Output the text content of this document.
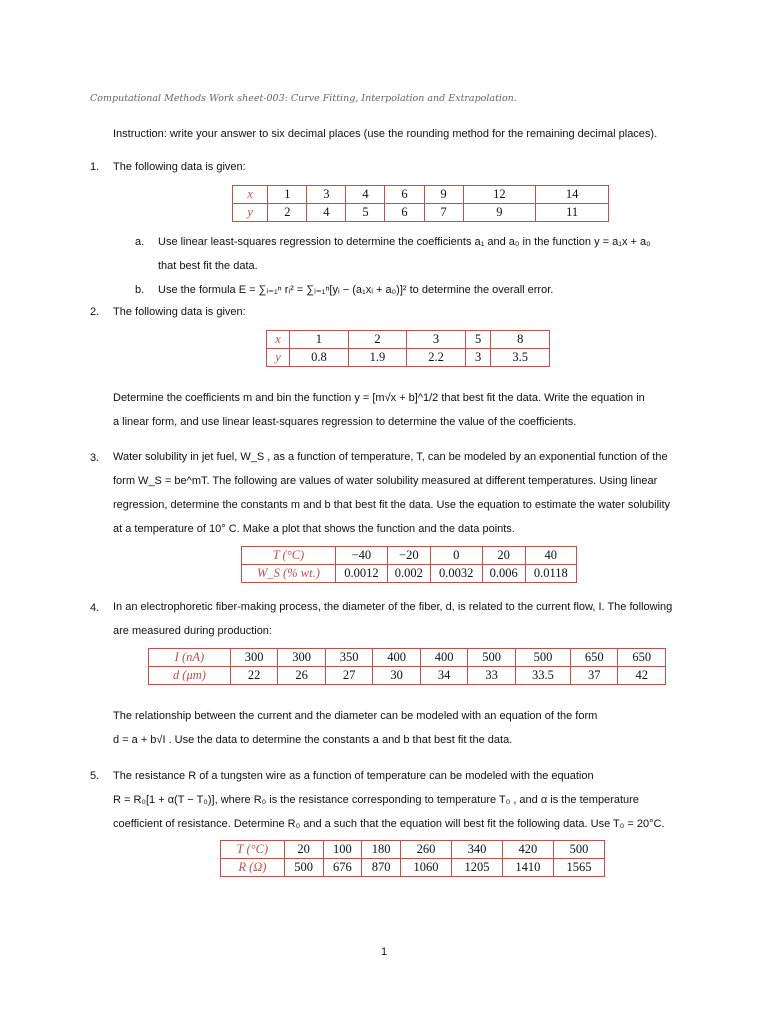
Computational Methods Work sheet-003: Curve Fitting, Interpolation and Extrapolation.
Instruction: write your answer to six decimal places (use the rounding method for the remaining decimal places).
1. The following data is given:
x	1	3	4	6	9	12	14
y	2	4	5	6	7	9	11
a. Use linear least-squares regression to determine the coefficients a₁ and a₀ in the function y = a₁x + a₀
that best fit the data.
b. Use the formula E = ∑ᵢ₌₁ⁿ rᵢ² = ∑ᵢ₌₁ⁿ[yᵢ − (a₁xᵢ + a₀)]² to determine the overall error.
2. The following data is given:
x	1	2	3	5	8
y	0.8	1.9	2.2	3	3.5
Determine the coefficients m and bin the function y = [m√x + b]^1/2 that best fit the data. Write the equation in
a linear form, and use linear least-squares regression to determine the value of the coefficients.
3. Water solubility in jet fuel, W_S , as a function of temperature, T, can be modeled by an exponential function of the
form W_S = be^mT. The following are values of water solubility measured at different temperatures. Using linear
regression, determine the constants m and b that best fit the data. Use the equation to estimate the water solubility
at a temperature of 10° C. Make a plot that shows the function and the data points.
T (°C)	−40	−20	0	20	40
W_S (% wt.)	0.0012	0.002	0.0032	0.006	0.0118
4. In an electrophoretic fiber-making process, the diameter of the fiber, d, is related to the current flow, I. The following
are measured during production:
I (nA)	300	300	350	400	400	500	500	650	650
d (μm)	22	26	27	30	34	33	33.5	37	42
The relationship between the current and the diameter can be modeled with an equation of the form
d = a + b√I . Use the data to determine the constants a and b that best fit the data.
5. The resistance R of a tungsten wire as a function of temperature can be modeled with the equation
R = R₀[1 + α(T − T₀)], where R₀ is the resistance corresponding to temperature T₀ , and α is the temperature
coefficient of resistance. Determine R₀ and a such that the equation will best fit the following data. Use T₀ = 20°C.
T (°C)	20	100	180	260	340	420	500
R (Ω)	500	676	870	1060	1205	1410	1565
1
